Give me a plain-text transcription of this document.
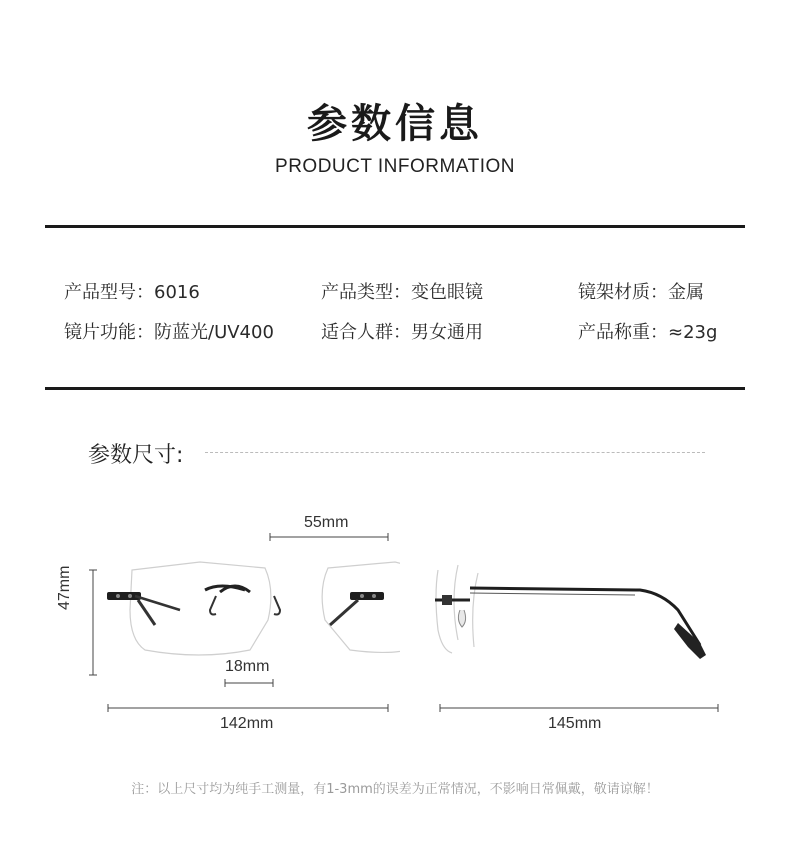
参数信息
PRODUCT INFORMATION
产品型号：6016	产品类型：变色眼镜	镜架材质：金属
镜片功能：防蓝光/UV400	适合人群：男女通用	产品称重：≈23g
参数尺寸:
55mm
47mm
18mm
142mm	145mm
注：以上尺寸均为纯手工测量，有1-3mm的误差为正常情况，不影响日常佩戴，敬请谅解！
